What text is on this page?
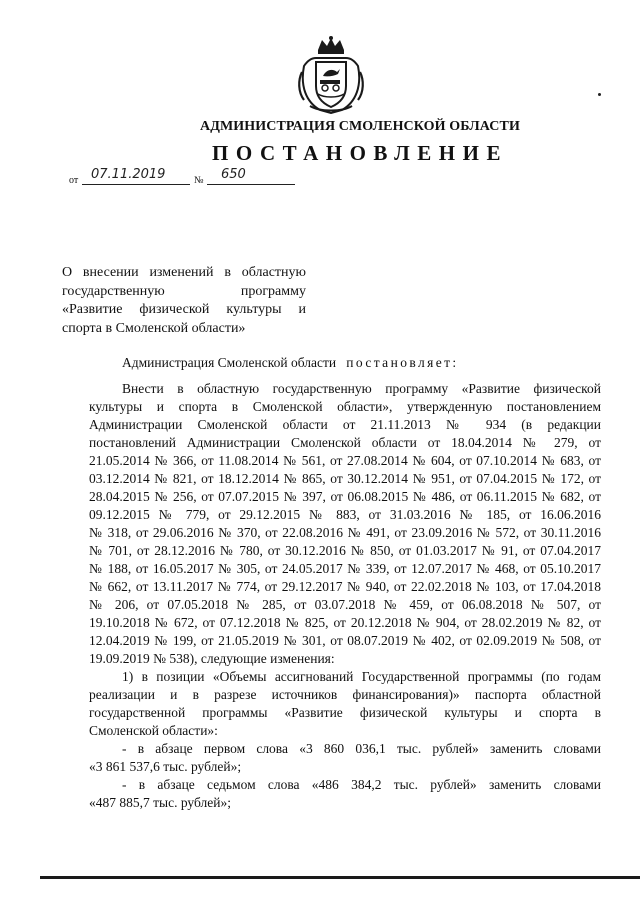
АДМИНИСТРАЦИЯ СМОЛЕНСКОЙ ОБЛАСТИ
ПОСТАНОВЛЕНИЕ
от 07.11.2019	№ 650
О внесении изменений в областную
государственную программу
«Развитие физической культуры и
спорта в Смоленской области»
Администрация Смоленской области постановляет:
Внести в областную государственную программу «Развитие физической
культуры и спорта в Смоленской области», утвержденную постановлением
Администрации Смоленской области от 21.11.2013 № 934 (в редакции
постановлений Администрации Смоленской области от 18.04.2014 № 279, от
21.05.2014 № 366, от 11.08.2014 № 561, от 27.08.2014 № 604, от 07.10.2014 № 683, от
03.12.2014 № 821, от 18.12.2014 № 865, от 30.12.2014 № 951, от 07.04.2015 № 172, от
28.04.2015 № 256, от 07.07.2015 № 397, от 06.08.2015 № 486, от 06.11.2015 № 682, от
09.12.2015 № 779, от 29.12.2015 № 883, от 31.03.2016 № 185, от 16.06.2016
№ 318, от 29.06.2016 № 370, от 22.08.2016 № 491, от 23.09.2016 № 572, от 30.11.2016
№ 701, от 28.12.2016 № 780, от 30.12.2016 № 850, от 01.03.2017 № 91, от 07.04.2017
№ 188, от 16.05.2017 № 305, от 24.05.2017 № 339, от 12.07.2017 № 468, от 05.10.2017
№ 662, от 13.11.2017 № 774, от 29.12.2017 № 940, от 22.02.2018 № 103, от 17.04.2018
№ 206, от 07.05.2018 № 285, от 03.07.2018 № 459, от 06.08.2018 № 507, от
19.10.2018 № 672, от 07.12.2018 № 825, от 20.12.2018 № 904, от 28.02.2019 № 82, от
12.04.2019 № 199, от 21.05.2019 № 301, от 08.07.2019 № 402, от 02.09.2019 № 508, от
19.09.2019 № 538), следующие изменения:
1) в позиции «Объемы ассигнований Государственной программы (по годам
реализации и в разрезе источников финансирования)» паспорта областной
государственной программы «Развитие физической культуры и спорта в
Смоленской области»:
- в абзаце первом слова «3 860 036,1 тыс. рублей» заменить словами
«3 861 537,6 тыс. рублей»;
- в абзаце седьмом слова «486 384,2 тыс. рублей» заменить словами
«487 885,7 тыс. рублей»;
